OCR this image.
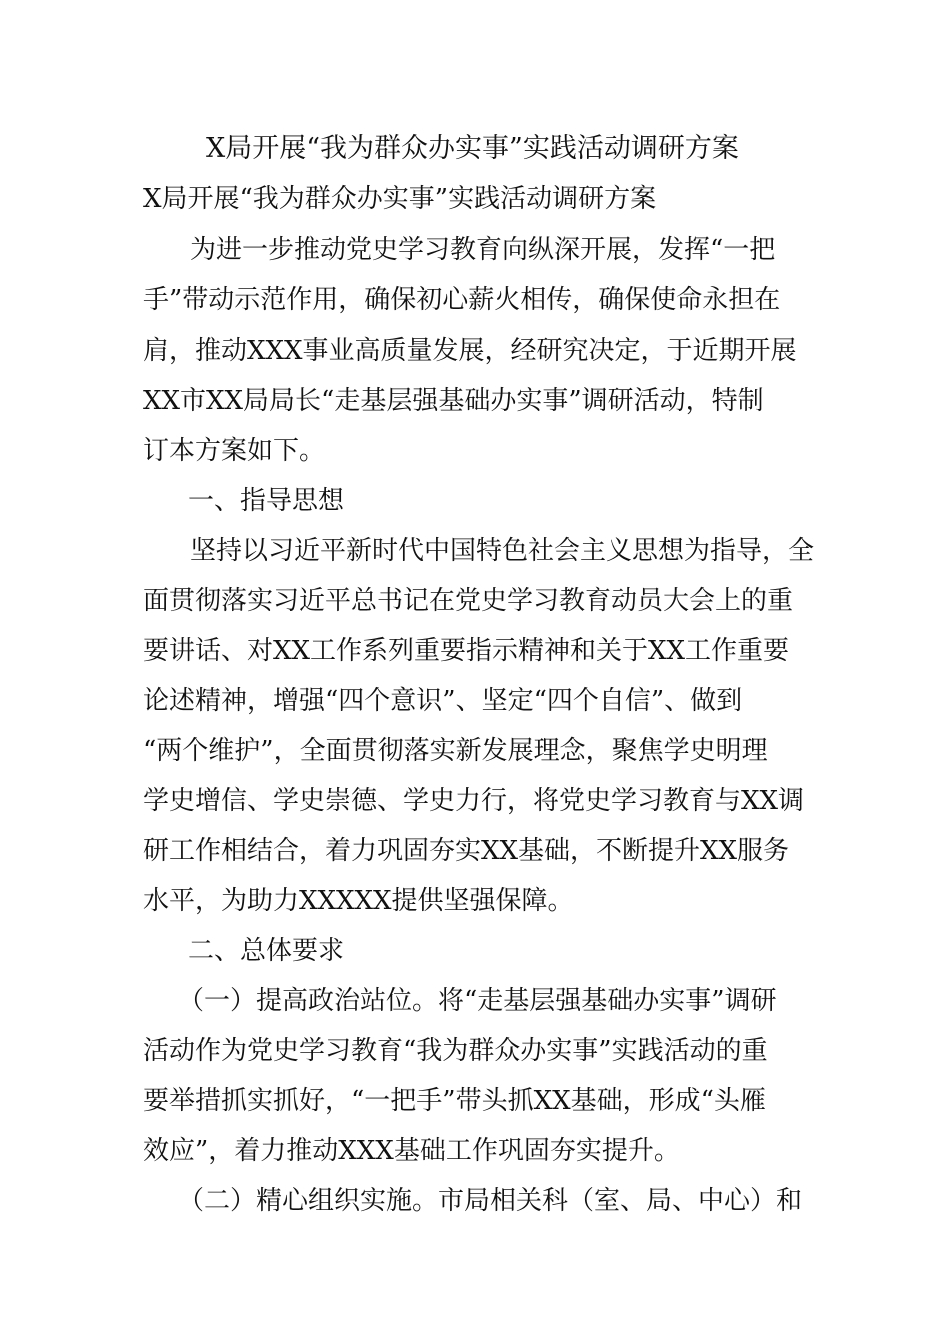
X局开展“我为群众办实事”实践活动调研方案
X局开展“我为群众办实事”实践活动调研方案
为进一步推动党史学习教育向纵深开展，发挥“一把
手”带动示范作用，确保初心薪火相传，确保使命永担在
肩，推动XXX事业高质量发展，经研究决定，于近期开展
XX市XX局局长“走基层强基础办实事”调研活动，特制
订本方案如下。
一、指导思想
坚持以习近平新时代中国特色社会主义思想为指导，全
面贯彻落实习近平总书记在党史学习教育动员大会上的重
要讲话、对XX工作系列重要指示精神和关于XX工作重要
论述精神，增强“四个意识”、坚定“四个自信”、做到
“两个维护”，全面贯彻落实新发展理念，聚焦学史明理
学史增信、学史崇德、学史力行，将党史学习教育与XX调
研工作相结合，着力巩固夯实XX基础，不断提升XX服务
水平，为助力XXXXX提供坚强保障。
二、总体要求
（一）提高政治站位。将“走基层强基础办实事”调研
活动作为党史学习教育“我为群众办实事”实践活动的重
要举措抓实抓好，“一把手”带头抓XX基础，形成“头雁
效应”，着力推动XXX基础工作巩固夯实提升。
（二）精心组织实施。市局相关科（室、局、中心）和
